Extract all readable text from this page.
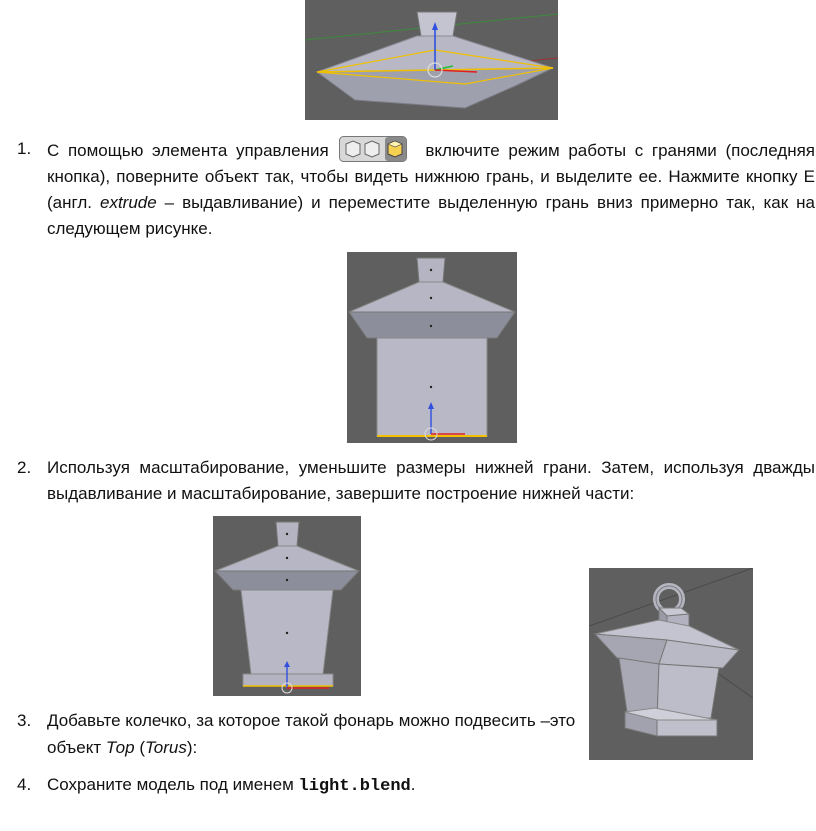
1. С помощью элемента управления	включите режим работы с гранями (последняя кнопка), поверните объект так, чтобы видеть нижнюю грань, и выделите ее. Нажмите кнопку E (англ. extrude – выдавливание) и переместите выделенную грань вниз примерно так, как на следующем рисунке.
2. Используя масштабирование, уменьшите размеры нижней грани. Затем, используя дважды выдавливание и масштабирование, завершите построение нижней части:
3. Добавьте колечко, за которое такой фонарь можно подвесить –это
объект Тор (Torus):
4. Сохраните модель под именем light.blend.
